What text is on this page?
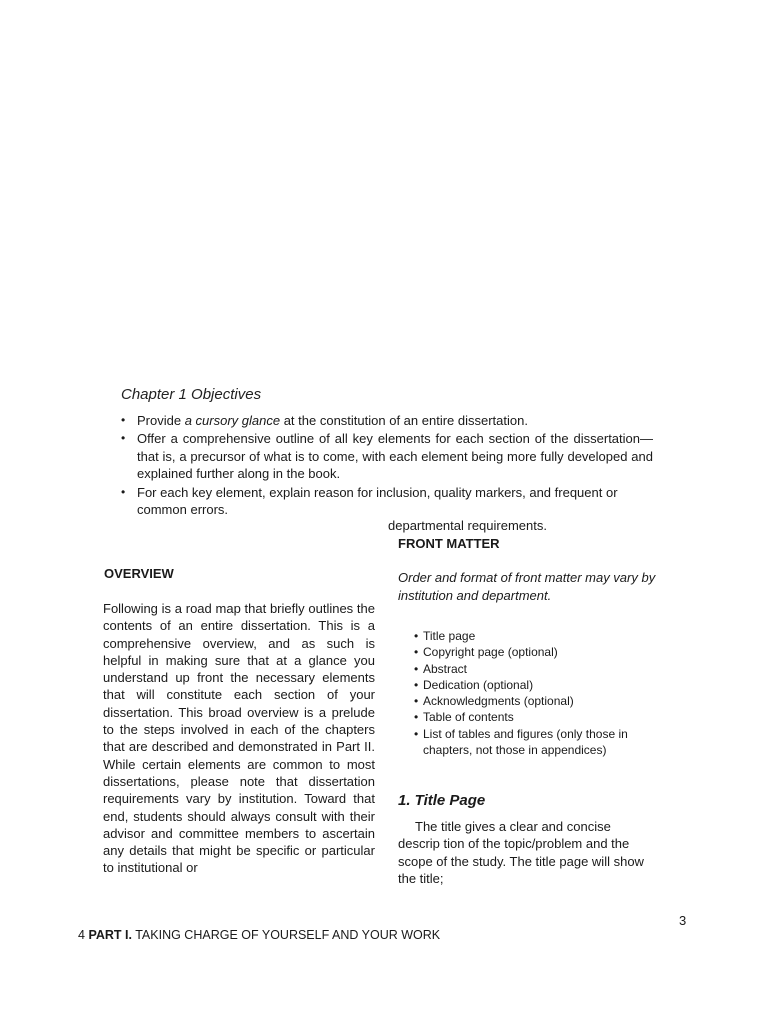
Chapter 1 Objectives
• Provide a cursory glance at the constitution of an entire dissertation.
• Offer a comprehensive outline of all key elements for each section of the dissertation—that is, a precursor of what is to come, with each element being more fully developed and explained further along in the book.
• For each key element, explain reason for inclusion, quality markers, and frequent or common errors.
departmental requirements.
FRONT MATTER
Order and format of front matter may vary by institution and department.
• Title page
• Copyright page (optional)
• Abstract
• Dedication (optional)
• Acknowledgments (optional)
• Table of contents
• List of tables and figures (only those in chapters, not those in appendices)
OVERVIEW
Following is a road map that briefly outlines the contents of an entire dissertation. This is a comprehensive overview, and as such is helpful in making sure that at a glance you understand up front the necessary elements that will constitute each section of your dissertation. This broad overview is a prelude to the steps involved in each of the chapters that are described and demonstrated in Part II. While certain elements are common to most dissertations, please note that dissertation requirements vary by institution. Toward that end, students should always consult with their advisor and committee members to ascertain any details that might be specific or particular to institutional or
1. Title Page
The title gives a clear and concise descrip tion of the topic/problem and the scope of the study. The title page will show the title;
3
4 PART I. TAKING CHARGE OF YOURSELF AND YOUR WORK
